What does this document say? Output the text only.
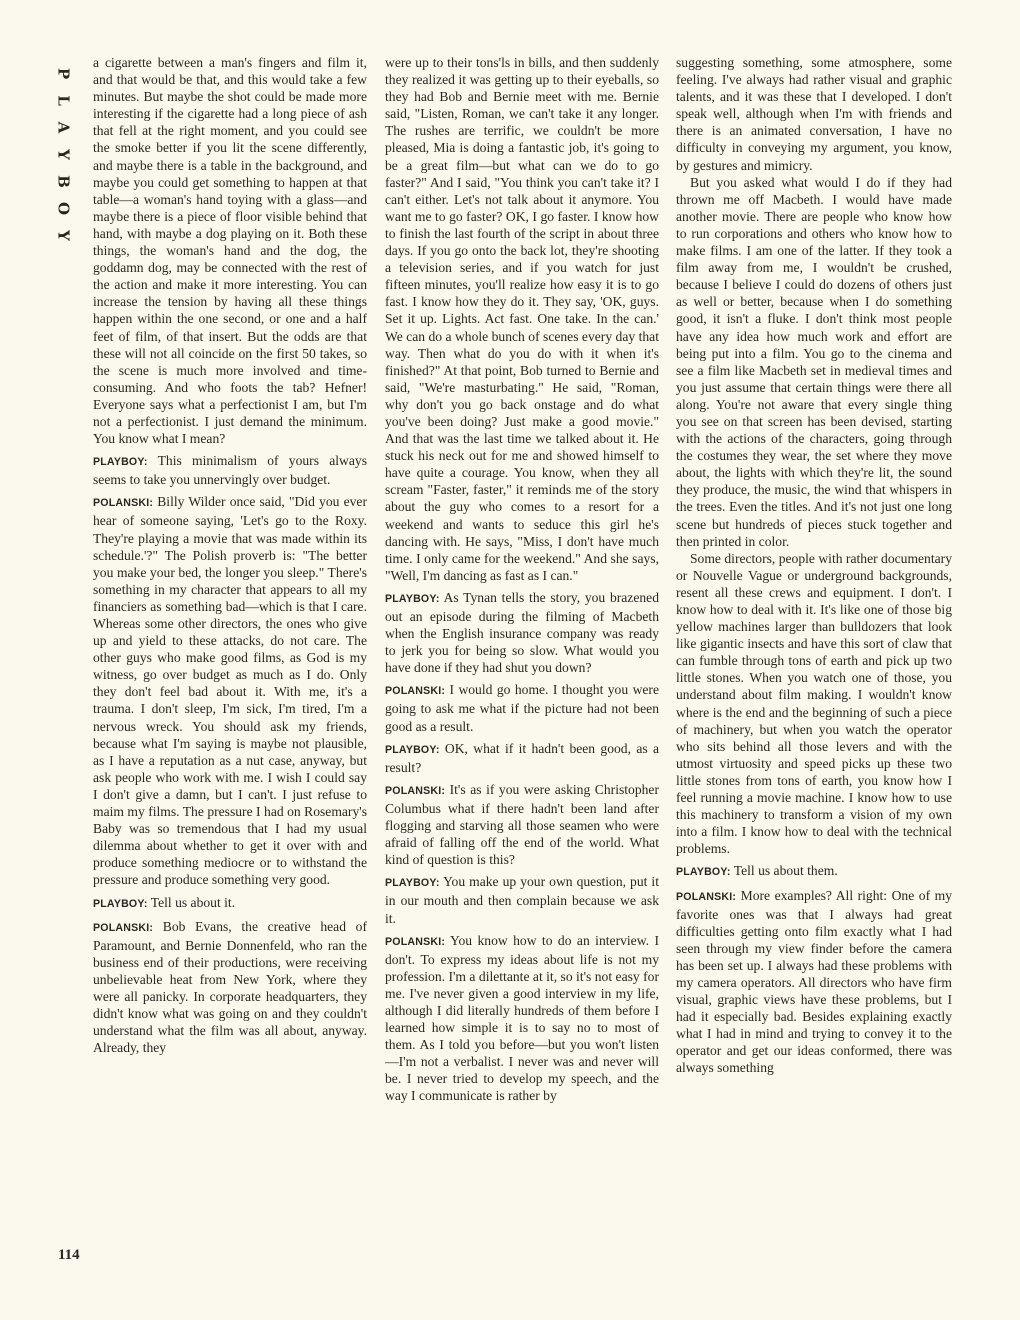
P
L
A
Y
B
O
Y
114

a cigarette between a man's fingers and film it, and that would be that, and this would take a few minutes. But maybe the shot could be made more interesting if the cigarette had a long piece of ash that fell at the right moment, and you could see the smoke better if you lit the scene differently, and maybe there is a table in the background, and maybe you could get something to happen at that table—a woman's hand toying with a glass—and maybe there is a piece of floor visible behind that hand, with maybe a dog playing on it. Both these things, the woman's hand and the dog, the goddamn dog, may be connected with the rest of the action and make it more interesting. You can increase the tension by having all these things happen within the one second, or one and a half feet of film, of that insert. But the odds are that these will not all coincide on the first 50 takes, so the scene is much more involved and time-consuming. And who foots the tab? Hefner! Everyone says what a perfectionist I am, but I'm not a perfectionist. I just demand the minimum. You know what I mean?

PLAYBOY: This minimalism of yours always seems to take you unnervingly over budget.

POLANSKI: Billy Wilder once said, "Did you ever hear of someone saying, 'Let's go to the Roxy. They're playing a movie that was made within its schedule.'?" The Polish proverb is: "The better you make your bed, the longer you sleep." There's something in my character that appears to all my financiers as something bad—which is that I care. Whereas some other directors, the ones who give up and yield to these attacks, do not care. The other guys who make good films, as God is my witness, go over budget as much as I do. Only they don't feel bad about it. With me, it's a trauma. I don't sleep, I'm sick, I'm tired, I'm a nervous wreck. You should ask my friends, because what I'm saying is maybe not plausible, as I have a reputation as a nut case, anyway, but ask people who work with me. I wish I could say I don't give a damn, but I can't. I just refuse to maim my films. The pressure I had on Rosemary's Baby was so tremendous that I had my usual dilemma about whether to get it over with and produce something mediocre or to withstand the pressure and produce something very good.

PLAYBOY: Tell us about it.

POLANSKI: Bob Evans, the creative head of Paramount, and Bernie Donnenfeld, who ran the business end of their productions, were receiving unbelievable heat from New York, where they were all panicky. In corporate headquarters, they didn't know what was going on and they couldn't understand what the film was all about, anyway. Already, they

were up to their tons'ls in bills, and then suddenly they realized it was getting up to their eyeballs, so they had Bob and Bernie meet with me. Bernie said, "Listen, Roman, we can't take it any longer. The rushes are terrific, we couldn't be more pleased, Mia is doing a fantastic job, it's going to be a great film—but what can we do to go faster?" And I said, "You think you can't take it? I can't either. Let's not talk about it anymore. You want me to go faster? OK, I go faster. I know how to finish the last fourth of the script in about three days. If you go onto the back lot, they're shooting a television series, and if you watch for just fifteen minutes, you'll realize how easy it is to go fast. I know how they do it. They say, 'OK, guys. Set it up. Lights. Act fast. One take. In the can.' We can do a whole bunch of scenes every day that way. Then what do you do with it when it's finished?" At that point, Bob turned to Bernie and said, "We're masturbating." He said, "Roman, why don't you go back onstage and do what you've been doing? Just make a good movie." And that was the last time we talked about it. He stuck his neck out for me and showed himself to have quite a courage. You know, when they all scream "Faster, faster," it reminds me of the story about the guy who comes to a resort for a weekend and wants to seduce this girl he's dancing with. He says, "Miss, I don't have much time. I only came for the weekend." And she says, "Well, I'm dancing as fast as I can."

PLAYBOY: As Tynan tells the story, you brazened out an episode during the filming of Macbeth when the English insurance company was ready to jerk you for being so slow. What would you have done if they had shut you down?

POLANSKI: I would go home. I thought you were going to ask me what if the picture had not been good as a result.

PLAYBOY: OK, what if it hadn't been good, as a result?

POLANSKI: It's as if you were asking Christopher Columbus what if there hadn't been land after flogging and starving all those seamen who were afraid of falling off the end of the world. What kind of question is this?

PLAYBOY: You make up your own question, put it in our mouth and then complain because we ask it.

POLANSKI: You know how to do an interview. I don't. To express my ideas about life is not my profession. I'm a dilettante at it, so it's not easy for me. I've never given a good interview in my life, although I did literally hundreds of them before I learned how simple it is to say no to most of them. As I told you before—but you won't listen—I'm not a verbalist. I never was and never will be. I never tried to develop my speech, and the way I communicate is rather by

suggesting something, some atmosphere, some feeling. I've always had rather visual and graphic talents, and it was these that I developed. I don't speak well, although when I'm with friends and there is an animated conversation, I have no difficulty in conveying my argument, you know, by gestures and mimicry.

But you asked what would I do if they had thrown me off Macbeth. I would have made another movie. There are people who know how to run corporations and others who know how to make films. I am one of the latter. If they took a film away from me, I wouldn't be crushed, because I believe I could do dozens of others just as well or better, because when I do something good, it isn't a fluke. I don't think most people have any idea how much work and effort are being put into a film. You go to the cinema and see a film like Macbeth set in medieval times and you just assume that certain things were there all along. You're not aware that every single thing you see on that screen has been devised, starting with the actions of the characters, going through the costumes they wear, the set where they move about, the lights with which they're lit, the sound they produce, the music, the wind that whispers in the trees. Even the titles. And it's not just one long scene but hundreds of pieces stuck together and then printed in color.

Some directors, people with rather documentary or Nouvelle Vague or underground backgrounds, resent all these crews and equipment. I don't. I know how to deal with it. It's like one of those big yellow machines larger than bulldozers that look like gigantic insects and have this sort of claw that can fumble through tons of earth and pick up two little stones. When you watch one of those, you understand about film making. I wouldn't know where is the end and the beginning of such a piece of machinery, but when you watch the operator who sits behind all those levers and with the utmost virtuosity and speed picks up these two little stones from tons of earth, you know how I feel running a movie machine. I know how to use this machinery to transform a vision of my own into a film. I know how to deal with the technical problems.

PLAYBOY: Tell us about them.

POLANSKI: More examples? All right: One of my favorite ones was that I always had great difficulties getting onto film exactly what I had seen through my view finder before the camera has been set up. I always had these problems with my camera operators. All directors who have firm visual, graphic views have these problems, but I had it especially bad. Besides explaining exactly what I had in mind and trying to convey it to the operator and get our ideas conformed, there was always something
